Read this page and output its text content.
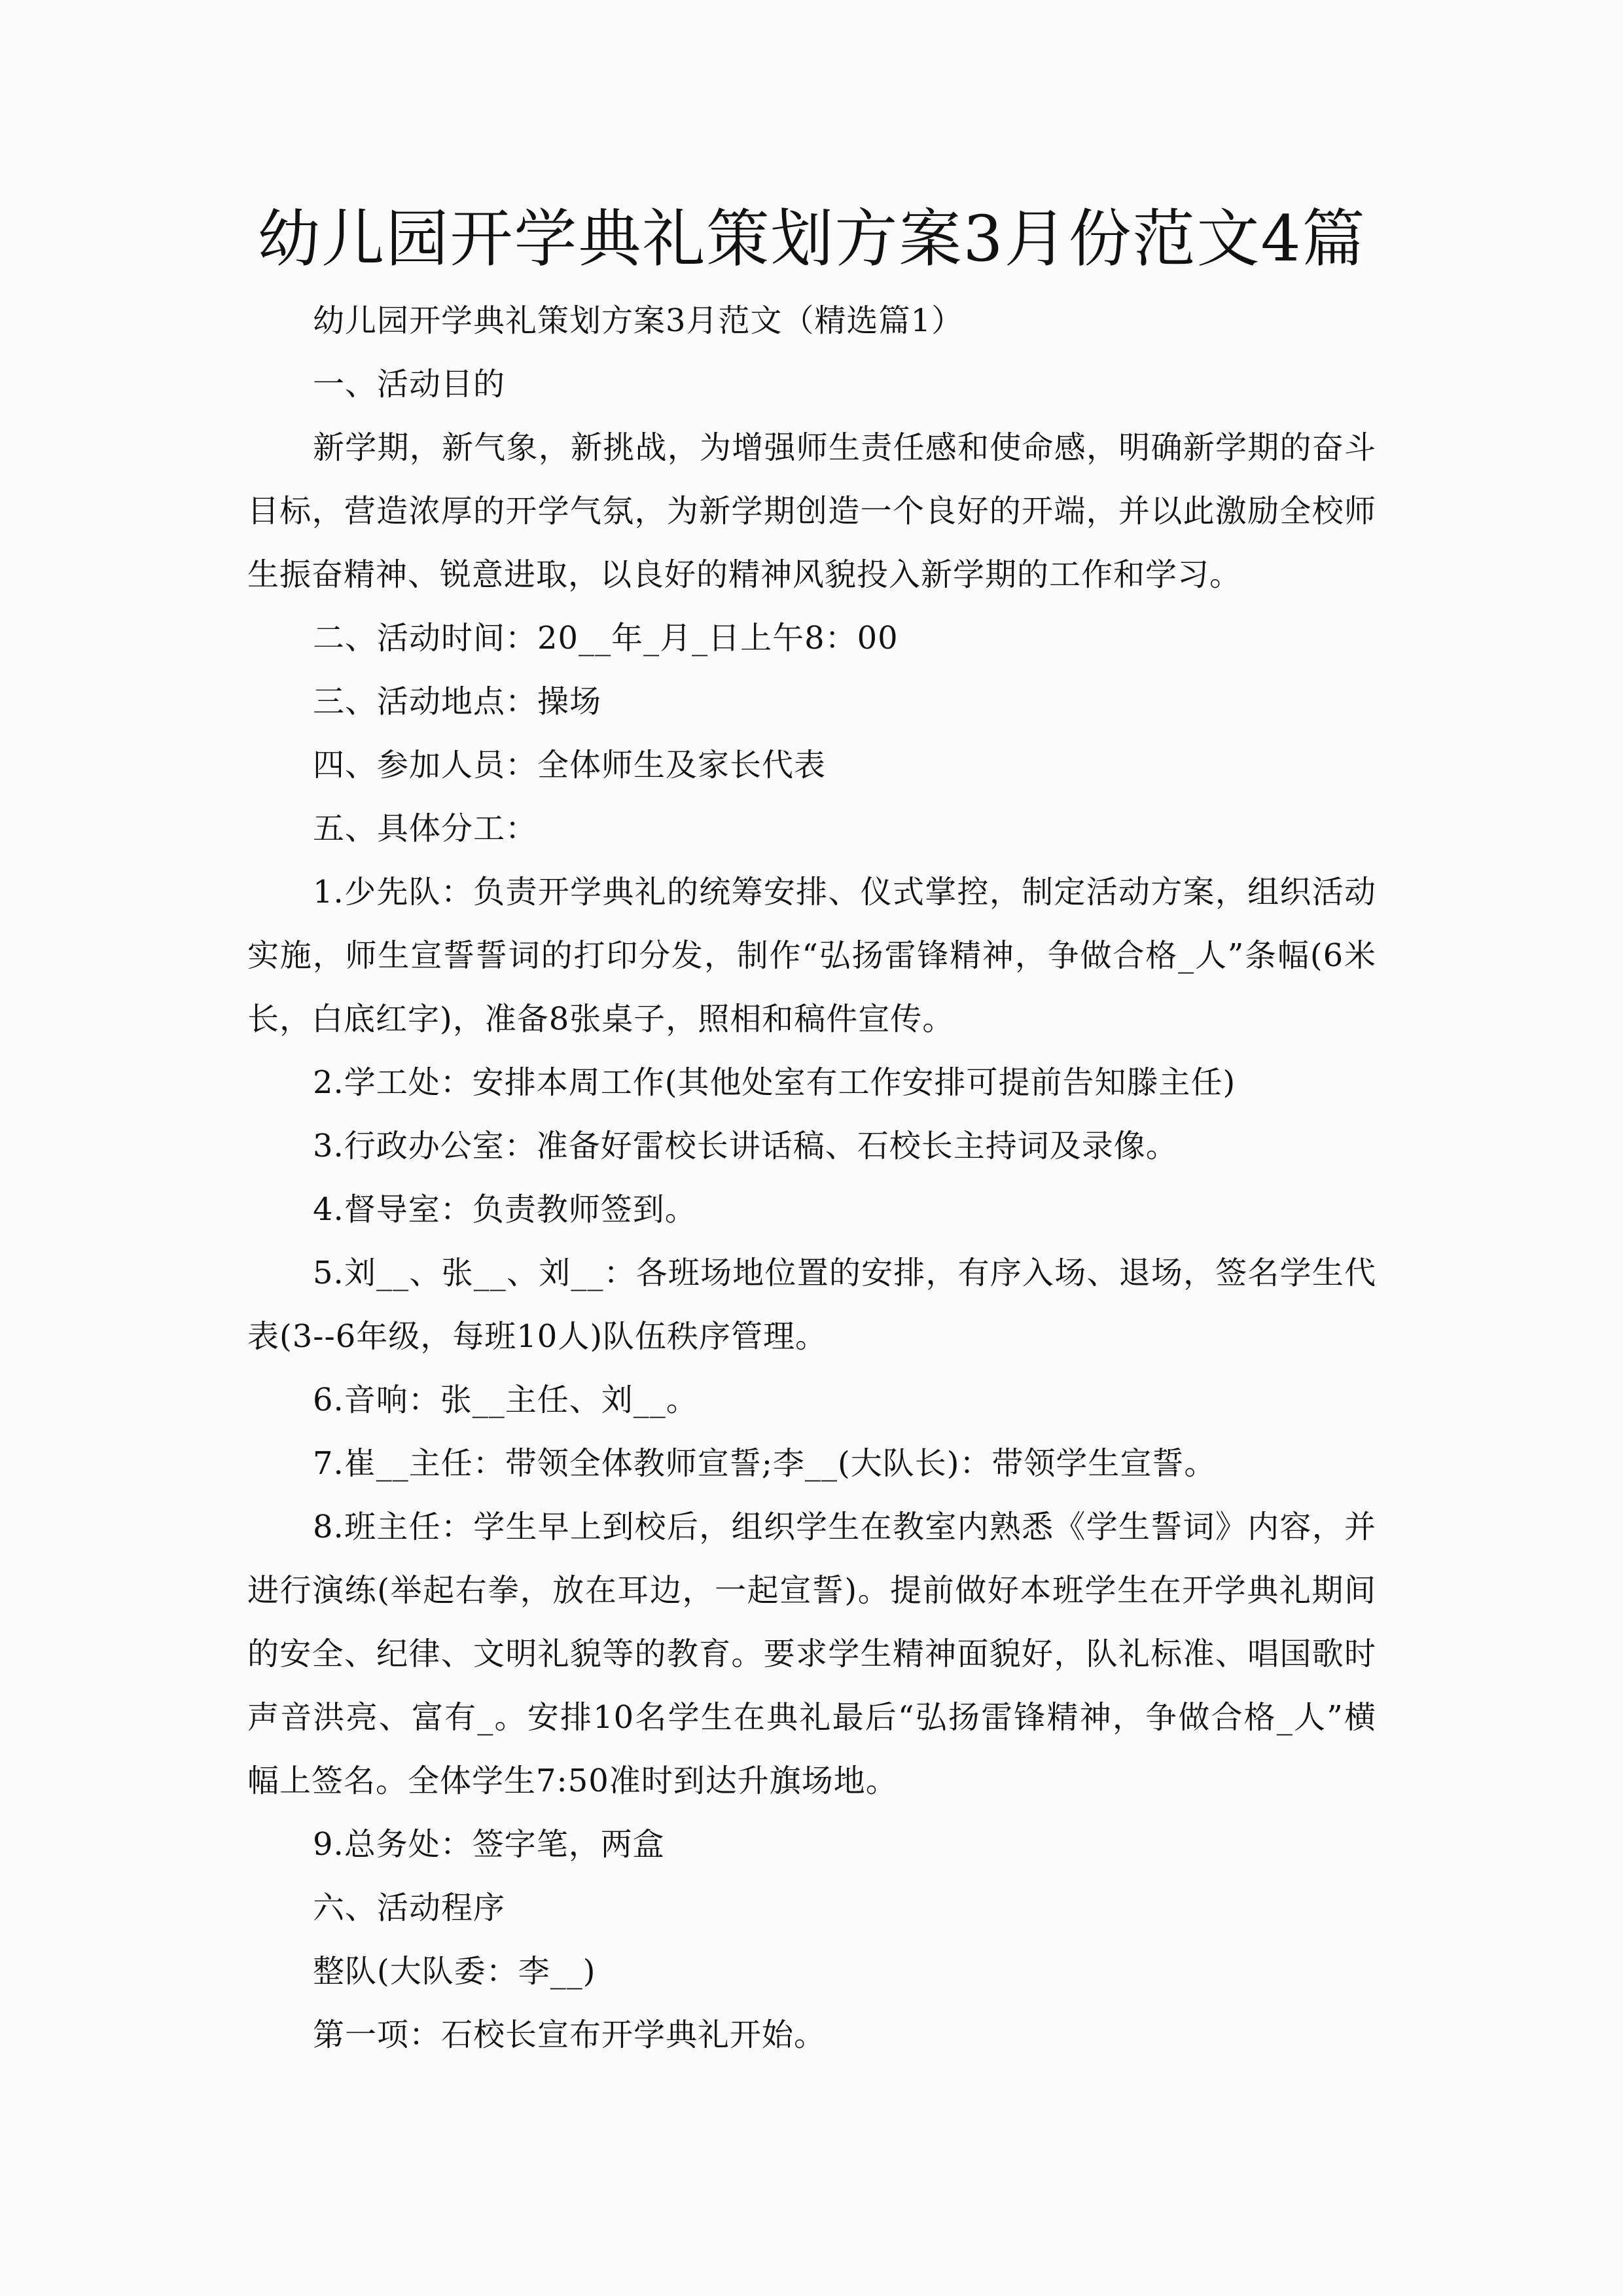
幼儿园开学典礼策划方案3月份范文4篇

幼儿园开学典礼策划方案3月范文（精选篇1）

一、活动目的

新学期，新气象，新挑战，为增强师生责任感和使命感，明确新学期的奋斗目标，营造浓厚的开学气氛，为新学期创造一个良好的开端，并以此激励全校师生振奋精神、锐意进取，以良好的精神风貌投入新学期的工作和学习。

二、活动时间：20__年_月_日上午8：00

三、活动地点：操场

四、参加人员：全体师生及家长代表

五、具体分工：

1.少先队：负责开学典礼的统筹安排、仪式掌控，制定活动方案，组织活动实施，师生宣誓誓词的打印分发，制作“弘扬雷锋精神，争做合格_人”条幅(6米长，白底红字)，准备8张桌子，照相和稿件宣传。

2.学工处：安排本周工作(其他处室有工作安排可提前告知滕主任)

3.行政办公室：准备好雷校长讲话稿、石校长主持词及录像。

4.督导室：负责教师签到。

5.刘__、张__、刘__：各班场地位置的安排，有序入场、退场，签名学生代表(3--6年级，每班10人)队伍秩序管理。

6.音响：张__主任、刘__。

7.崔__主任：带领全体教师宣誓;李__(大队长)：带领学生宣誓。

8.班主任：学生早上到校后，组织学生在教室内熟悉《学生誓词》内容，并进行演练(举起右拳，放在耳边，一起宣誓)。提前做好本班学生在开学典礼期间的安全、纪律、文明礼貌等的教育。要求学生精神面貌好，队礼标准、唱国歌时声音洪亮、富有_。安排10名学生在典礼最后“弘扬雷锋精神，争做合格_人”横幅上签名。全体学生7:50准时到达升旗场地。

9.总务处：签字笔，两盒

六、活动程序

整队(大队委：李__)

第一项：石校长宣布开学典礼开始。
